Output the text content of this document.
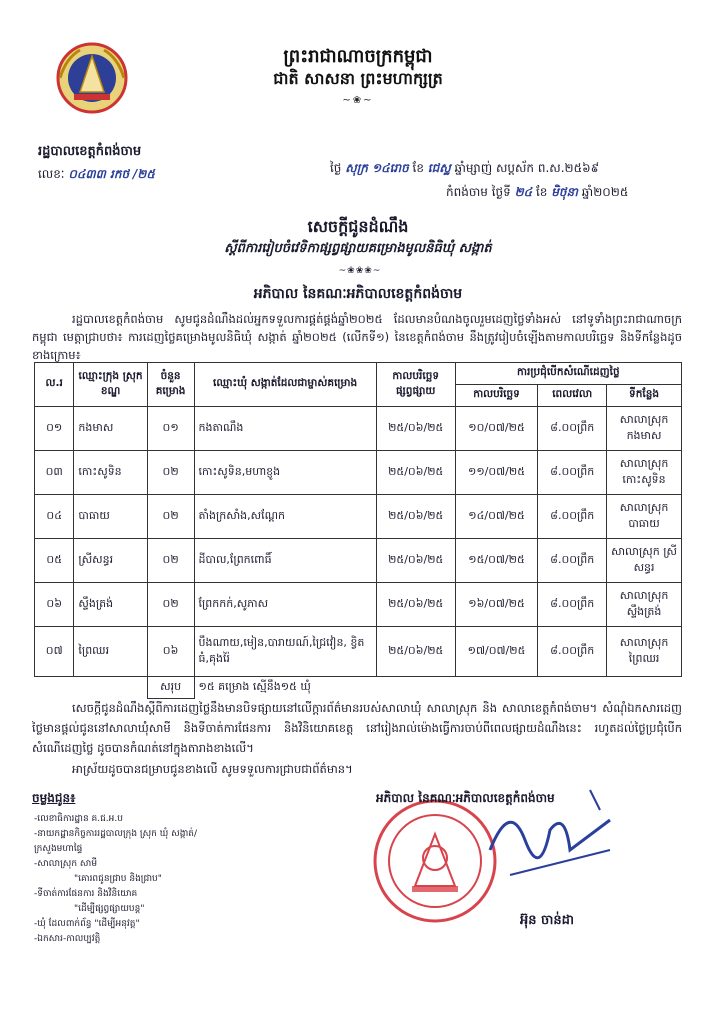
ព្រះរាជាណាចក្រកម្ពុជា
ជាតិ សាសនា ព្រះមហាក្សត្រ
~❀~
រដ្ឋបាលខេត្តកំពង់ចាម
លេខៈ ០៤៣៣ រកថ /២៥	ថ្ងៃ សុក្រ ១៤រោច ខែ ជេស្ឋ ឆ្នាំម្សាញ់ សប្តស័ក ព.ស.២៥៦៩
កំពង់ចាម ថ្ងៃទី ២៤ ខែ មិថុនា ឆ្នាំ២០២៥
សេចក្តីជូនដំណឹង
ស្តីពីការរៀបចំវេទិកាផ្សព្វផ្សាយគម្រោងមូលនិធិឃុំ សង្កាត់
~❀❀❀~
អភិបាល នៃគណៈអភិបាលខេត្តកំពង់ចាម
រដ្ឋបាលខេត្តកំពង់ចាម សូមជូនដំណឹងដល់អ្នកទទួលការផ្គត់ផ្គង់ឆ្នាំ២០២៥ ដែលមានបំណងចូលរួមដេញថ្លៃទាំងអស់ នៅទូទាំងព្រះរាជាណាចក្រកម្ពុជា មេត្តាជ្រាបថា៖ ការដេញថ្លៃគម្រោងមូលនិធិឃុំ សង្កាត់ ឆ្នាំ២០២៥ (លើកទី១) នៃខេត្តកំពង់ចាម នឹងត្រូវរៀបចំឡើងតាមកាលបរិច្ឆេទ និងទីកន្លែងដូចខាងក្រោម៖
ល.រ	ឈ្មោះក្រុង ស្រុក ខណ្ឌ	ចំនួនគម្រោង	ឈ្មោះឃុំ សង្កាត់ដែលជាម្ចាស់គម្រោង	កាលបរិច្ឆេទផ្សព្វផ្សាយ	ការប្រជុំបើកសំណើដេញថ្លៃ		
					កាលបរិច្ឆេទ	ពេលវេលា	ទីកន្លែង
០១	កងមាស	០១	កងតាណឹង	២៥/០៦/២៥	១០/០៧/២៥	៨.០០ព្រឹក	សាលាស្រុក កងមាស
០៣	កោះសូទិន	០២	កោះសូទិន,មហាខ្ញូង	២៥/០៦/២៥	១១/០៧/២៥	៨.០០ព្រឹក	សាលាស្រុក កោះសូទិន
០៤	បាធាយ	០២	តាំងក្រសាំង,សណ្តែក	២៥/០៦/២៥	១៤/០៧/២៥	៨.០០ព្រឹក	សាលាស្រុក បាធាយ
០៥	ស្រីសន្ធរ	០២	ដីបាល,ព្រែកពោធិ៍	២៥/០៦/២៥	១៥/០៧/២៥	៨.០០ព្រឹក	សាលាស្រុក ស្រីសន្ធរ
០៦	ស្ទឹងត្រង់	០២	ព្រែកកក់,សូភាស	២៥/០៦/២៥	១៦/០៧/២៥	៨.០០ព្រឹក	សាលាស្រុក ស្ទឹងត្រង់
០៧	ព្រៃឈរ	០៦	បឹងណាយ,មៀន,បារាយណ៍,ជ្រៃវៀន, ខ្វិតធំ,គុងរ៉ៃ	២៥/០៦/២៥	១៧/០៧/២៥	៨.០០ព្រឹក	សាលាស្រុក ព្រៃឈរ
		សរុប	១៥ គម្រោង ស្មើនឹង១៥ ឃុំ				
សេចក្តីជូនដំណឹងស្តីពីការដេញថ្លៃនឹងមានបិទផ្សាយនៅលើក្តារព័ត៌មានរបស់សាលាឃុំ សាលាស្រុក និង សាលាខេត្តកំពង់ចាម។ សំណុំឯកសារដេញថ្លៃមានផ្តល់ជូននៅសាលាឃុំសាមី និងទីចាត់ការផែនការ និងវិនិយោគខេត្ត នៅរៀងរាល់ម៉ោងធ្វើការចាប់ពីពេលផ្សាយដំណឹងនេះ រហូតដល់ថ្ងៃប្រជុំបើកសំណើដេញថ្លៃ ដូចបានកំណត់នៅក្នុងតារាងខាងលើ។
អាស្រ័យដូចបានជម្រាបជូនខាងលើ សូមទទួលការជ្រាបជាព័ត៌មាន។
ចម្លងជូន៖
-លេខាធិការដ្ឋាន គ.ជ.អ.ប
-នាយកដ្ឋានកិច្ចការរដ្ឋបាលក្រុង ស្រុក ឃុំ សង្កាត់/
ក្រសួងមហាផ្ទៃ
-សាលាស្រុក សាមី
"គោរពជូនជ្រាប និងជ្រាប"
-ទីចាត់ការផែនការ និងវិនិយោគ
"ដើម្បីផ្សព្វផ្សាយបន្ត"
-ឃុំ ដែលពាក់ព័ន្ធ "ដើម្បីអនុវត្ត"
-ឯកសារ-កាលប្បវត្តិ
អភិបាល នៃគណៈអភិបាលខេត្តកំពង់ចាម
អ៊ុន ចាន់ដា
